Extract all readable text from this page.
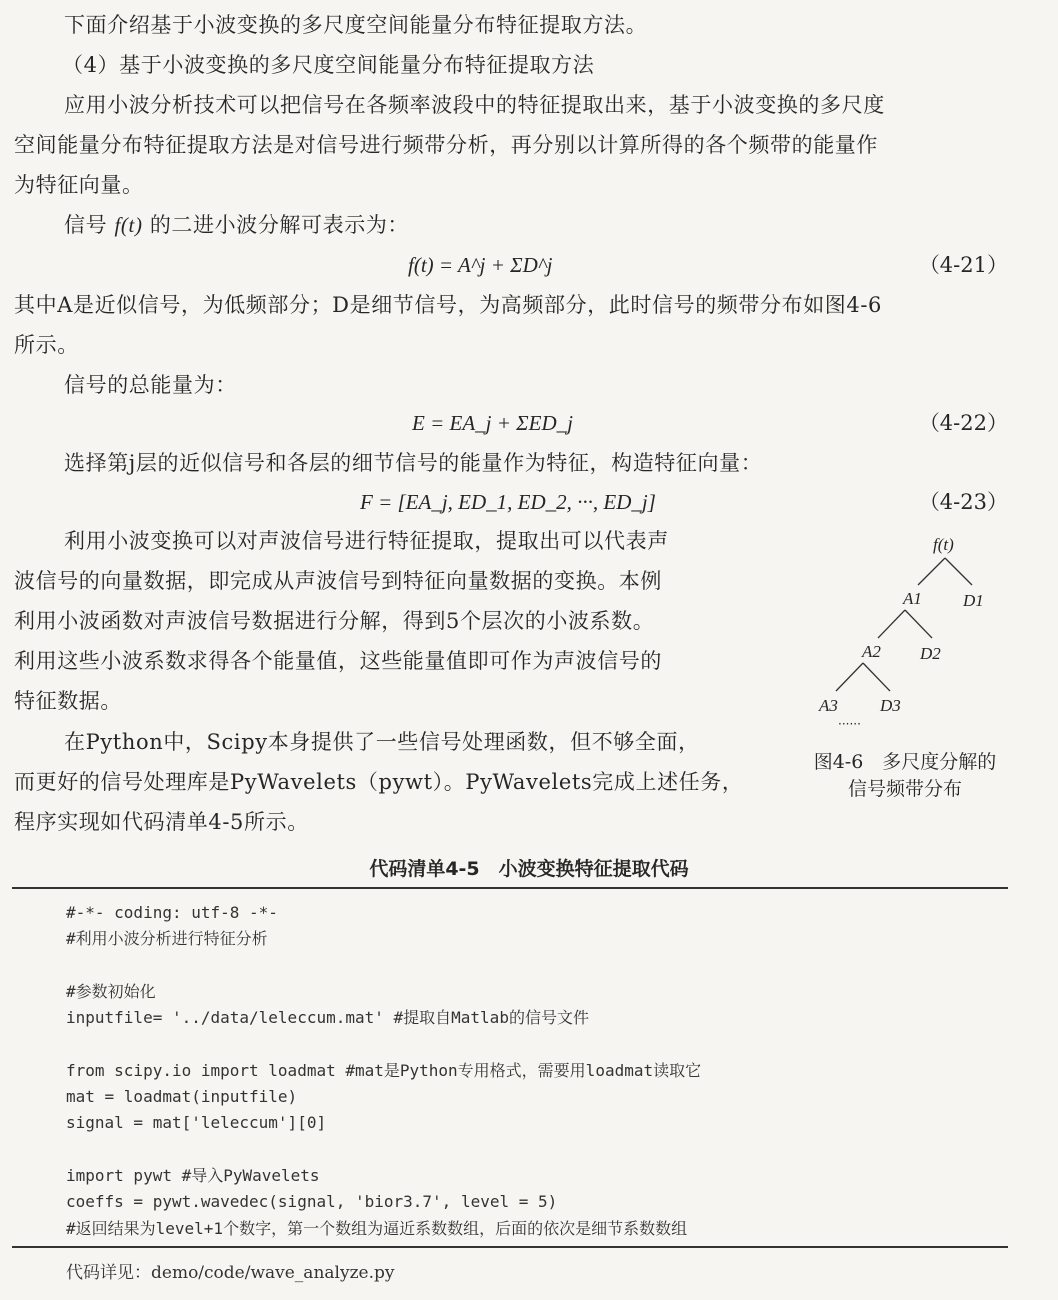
下面介绍基于小波变换的多尺度空间能量分布特征提取方法。
（4）基于小波变换的多尺度空间能量分布特征提取方法
应用小波分析技术可以把信号在各频率波段中的特征提取出来，基于小波变换的多尺度
空间能量分布特征提取方法是对信号进行频带分析，再分别以计算所得的各个频带的能量作
为特征向量。
信号 f(t) 的二进小波分解可表示为：
f(t) = A^j + ΣD^j	（4-21）
其中A是近似信号，为低频部分；D是细节信号，为高频部分，此时信号的频带分布如图4-6
所示。
信号的总能量为：
E = EA_j + ΣED_j	（4-22）
选择第j层的近似信号和各层的细节信号的能量作为特征，构造特征向量：
F = [EA_j, ED_1, ED_2, ···, ED_j]	（4-23）
利用小波变换可以对声波信号进行特征提取，提取出可以代表声
波信号的向量数据，即完成从声波信号到特征向量数据的变换。本例
利用小波函数对声波信号数据进行分解，得到5个层次的小波系数。
利用这些小波系数求得各个能量值，这些能量值即可作为声波信号的
特征数据。
在Python中，Scipy本身提供了一些信号处理函数，但不够全面，
而更好的信号处理库是PyWavelets（pywt）。PyWavelets完成上述任务，
程序实现如代码清单4-5所示。
f(t)
A1 D1
A2 D2
A3 D3
······
图4-6　多尺度分解的
信号频带分布
代码清单4-5　小波变换特征提取代码
#-*- coding: utf-8 -*-
#利用小波分析进行特征分析
#参数初始化
inputfile= '../data/leleccum.mat' #提取自Matlab的信号文件
from scipy.io import loadmat #mat是Python专用格式，需要用loadmat读取它
mat = loadmat(inputfile)
signal = mat['leleccum'][0]
import pywt #导入PyWavelets
coeffs = pywt.wavedec(signal, 'bior3.7', level = 5)
#返回结果为level+1个数字，第一个数组为逼近系数数组，后面的依次是细节系数数组
代码详见：demo/code/wave_analyze.py
